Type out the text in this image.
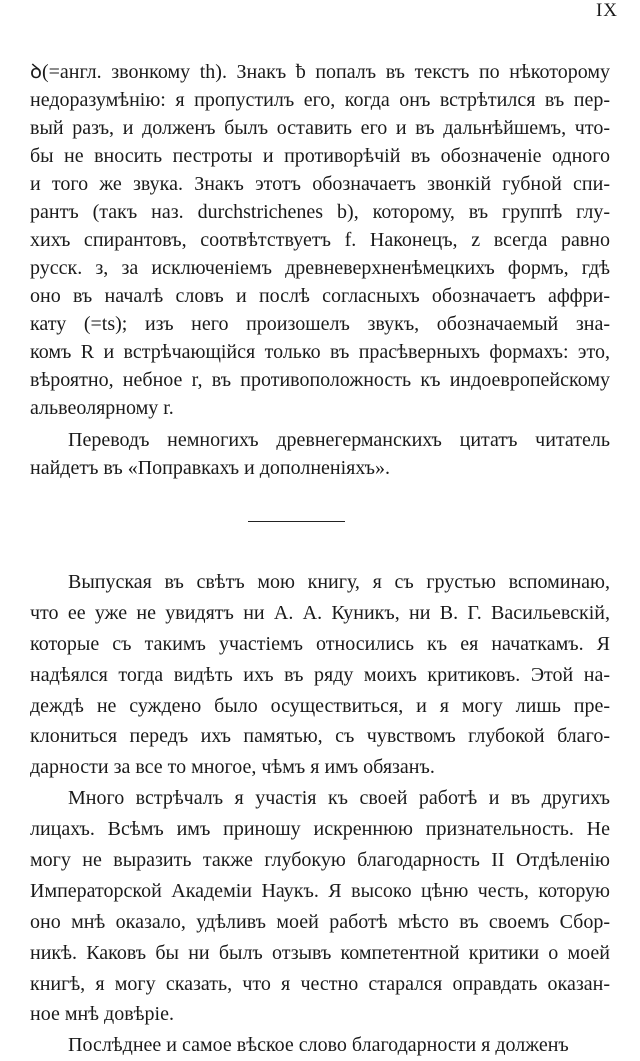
IX
ꝺ(=англ. звонкому th). Знакъ ƀ попалъ въ текстъ по нѣкоторому
недоразумѣнію: я пропустилъ его, когда онъ встрѣтился въ пер-
вый разъ, и долженъ былъ оставить его и въ дальнѣйшемъ, что-
бы не вносить пестроты и противорѣчій въ обозначеніе одного
и того же звука. Знакъ этотъ обозначаетъ звонкій губной спи-
рантъ (такъ наз. durchstrichenes b), которому, въ группѣ глу-
хихъ спирантовъ, соотвѣтствуетъ f. Наконецъ, z всегда равно
русск. з, за исключеніемъ древневерхненѣмецкихъ формъ, гдѣ
оно въ началѣ словъ и послѣ согласныхъ обозначаетъ аффри-
кату (=ts); изъ него произошелъ звукъ, обозначаемый зна-
комъ R и встрѣчающійся только въ прасѣверныхъ формахъ: это,
вѣроятно, небное r, въ противоположность къ индоевропейскому
альвеолярному r.
Переводъ немногихъ древнегерманскихъ цитатъ читатель
найдетъ въ «Поправкахъ и дополненіяхъ».
Выпуская въ свѣтъ мою книгу, я съ грустью вспоминаю,
что ее уже не увидятъ ни А. А. Куникъ, ни В. Г. Васильевскій,
которые съ такимъ участіемъ относились къ ея начаткамъ. Я
надѣялся тогда видѣть ихъ въ ряду моихъ критиковъ. Этой на-
деждѣ не суждено было осуществиться, и я могу лишь пре-
клониться передъ ихъ памятью, съ чувствомъ глубокой благо-
дарности за все то многое, чѣмъ я имъ обязанъ.
Много встрѣчалъ я участія къ своей работѣ и въ другихъ
лицахъ. Всѣмъ имъ приношу искреннюю признательность. Не
могу не выразить также глубокую благодарность II Отдѣленію
Императорской Академіи Наукъ. Я высоко цѣню честь, которую
оно мнѣ оказало, удѣливъ моей работѣ мѣсто въ своемъ Сбор-
никѣ. Каковъ бы ни былъ отзывъ компетентной критики о моей
книгѣ, я могу сказать, что я честно старался оправдать оказан-
ное мнѣ довѣріе.
Послѣднее и самое вѣское слово благодарности я долженъ
